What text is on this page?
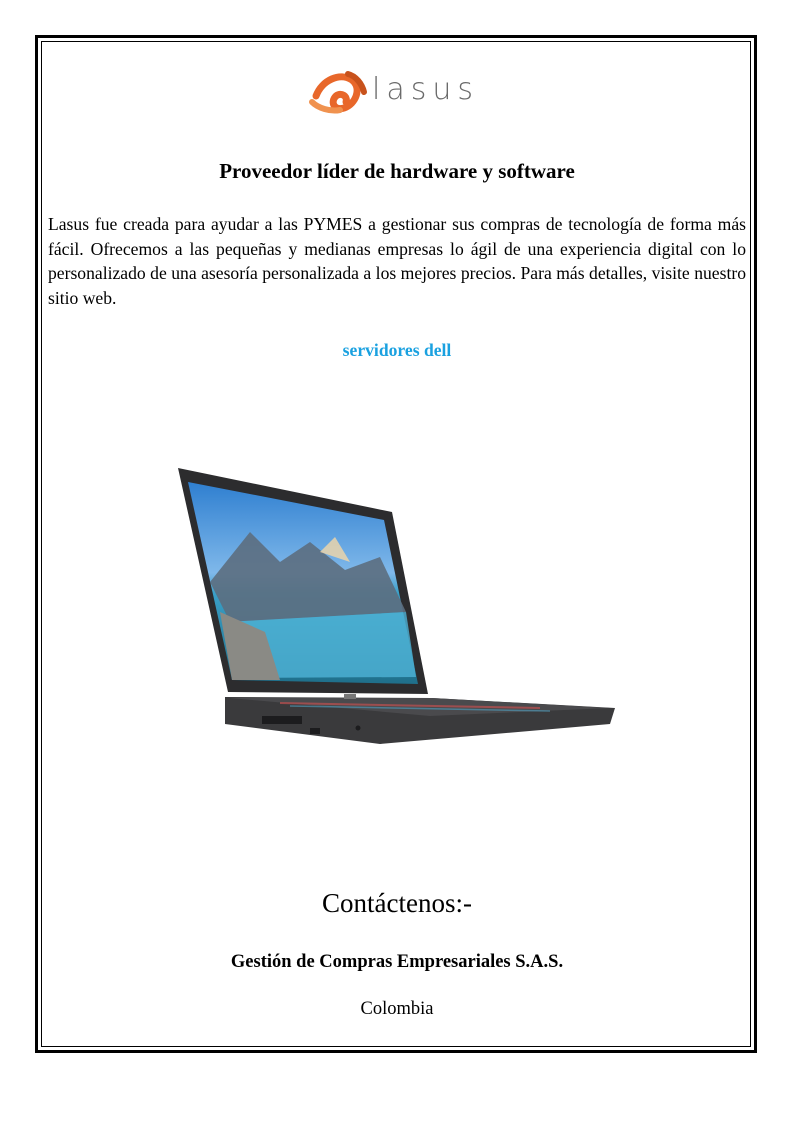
lasus
Proveedor líder de hardware y software
Lasus fue creada para ayudar a las PYMES a gestionar sus compras de tecnología de forma más fácil. Ofrecemos a las pequeñas y medianas empresas lo ágil de una experiencia digital con lo personalizado de una asesoría personalizada a los mejores precios. Para más detalles, visite nuestro sitio web.
servidores dell
Contáctenos:-
Gestión de Compras Empresariales S.A.S.
Colombia
